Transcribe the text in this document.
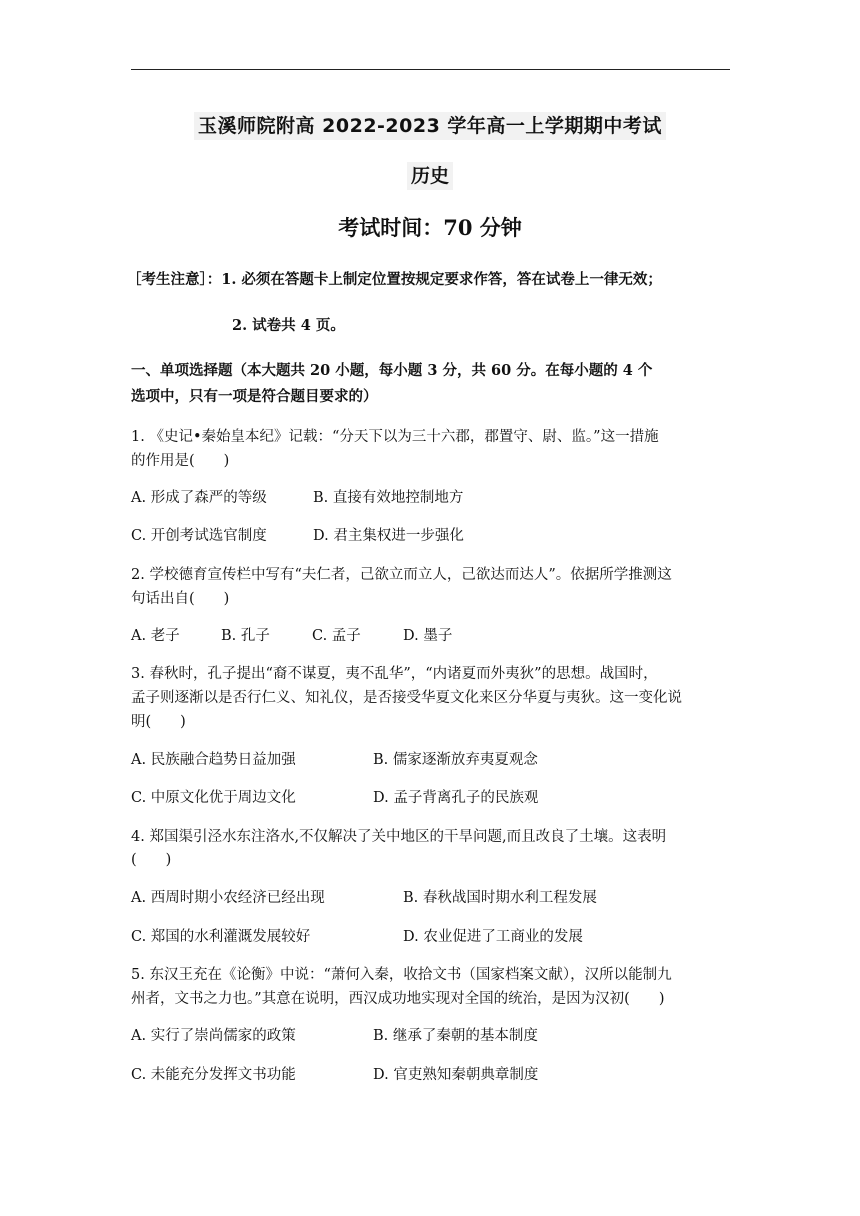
玉溪师院附高 2022-2023 学年高一上学期期中考试
历史
考试时间：70 分钟
［考生注意］：1. 必须在答题卡上制定位置按规定要求作答，答在试卷上一律无效；
2. 试卷共 4 页。
一、单项选择题（本大题共 20 小题，每小题 3 分，共 60 分。在每小题的 4 个
选项中，只有一项是符合题目要求的）
1. 《史记•秦始皇本纪》记载：“分天下以为三十六郡，郡置守、尉、监。”这一措施
的作用是(　　)
A. 形成了森严的等级	B. 直接有效地控制地方
C. 开创考试选官制度	D. 君主集权进一步强化
2. 学校德育宣传栏中写有“夫仁者，己欲立而立人，己欲达而达人”。依据所学推测这
句话出自(　　)
A. 老子	B. 孔子	C. 孟子	D. 墨子
3. 春秋时，孔子提出“裔不谋夏，夷不乱华”，“内诸夏而外夷狄”的思想。战国时，
孟子则逐渐以是否行仁义、知礼仪，是否接受华夏文化来区分华夏与夷狄。这一变化说
明(　　)
A. 民族融合趋势日益加强	B. 儒家逐渐放弃夷夏观念
C. 中原文化优于周边文化	D. 孟子背离孔子的民族观
4. 郑国渠引泾水东注洛水,不仅解决了关中地区的干旱问题,而且改良了土壤。这表明
(　　)
A. 西周时期小农经济已经出现	B. 春秋战国时期水利工程发展
C. 郑国的水利灌溉发展较好	D. 农业促进了工商业的发展
5. 东汉王充在《论衡》中说：“萧何入秦，收拾文书（国家档案文献），汉所以能制九
州者，文书之力也。”其意在说明，西汉成功地实现对全国的统治，是因为汉初(　　)
A. 实行了崇尚儒家的政策	B. 继承了秦朝的基本制度
C. 未能充分发挥文书功能	D. 官吏熟知秦朝典章制度
